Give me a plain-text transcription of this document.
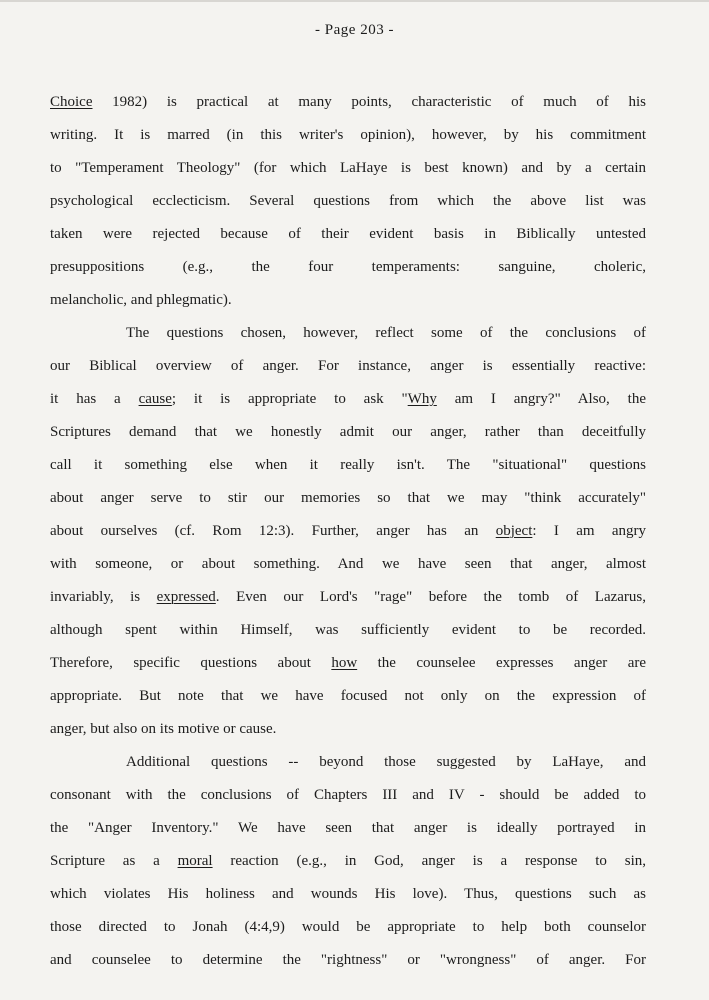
- Page 203 -
Choice 1982) is practical at many points, characteristic of much of his
writing. It is marred (in this writer's opinion), however, by his commitment
to "Temperament Theology" (for which LaHaye is best known) and by a certain
psychological ecclecticism. Several questions from which the above list was
taken were rejected because of their evident basis in Biblically untested
presuppositions (e.g., the four temperaments: sanguine, choleric,
melancholic, and phlegmatic).
The questions chosen, however, reflect some of the conclusions of
our Biblical overview of anger. For instance, anger is essentially reactive:
it has a cause; it is appropriate to ask "Why am I angry?" Also, the
Scriptures demand that we honestly admit our anger, rather than deceitfully
call it something else when it really isn't. The "situational" questions
about anger serve to stir our memories so that we may "think accurately"
about ourselves (cf. Rom 12:3). Further, anger has an object: I am angry
with someone, or about something. And we have seen that anger, almost
invariably, is expressed. Even our Lord's "rage" before the tomb of Lazarus,
although spent within Himself, was sufficiently evident to be recorded.
Therefore, specific questions about how the counselee expresses anger are
appropriate. But note that we have focused not only on the expression of
anger, but also on its motive or cause.
Additional questions -- beyond those suggested by LaHaye, and
consonant with the conclusions of Chapters III and IV - should be added to
the "Anger Inventory." We have seen that anger is ideally portrayed in
Scripture as a moral reaction (e.g., in God, anger is a response to sin,
which violates His holiness and wounds His love). Thus, questions such as
those directed to Jonah (4:4,9) would be appropriate to help both counselor
and counselee to determine the "rightness" or "wrongness" of anger. For
